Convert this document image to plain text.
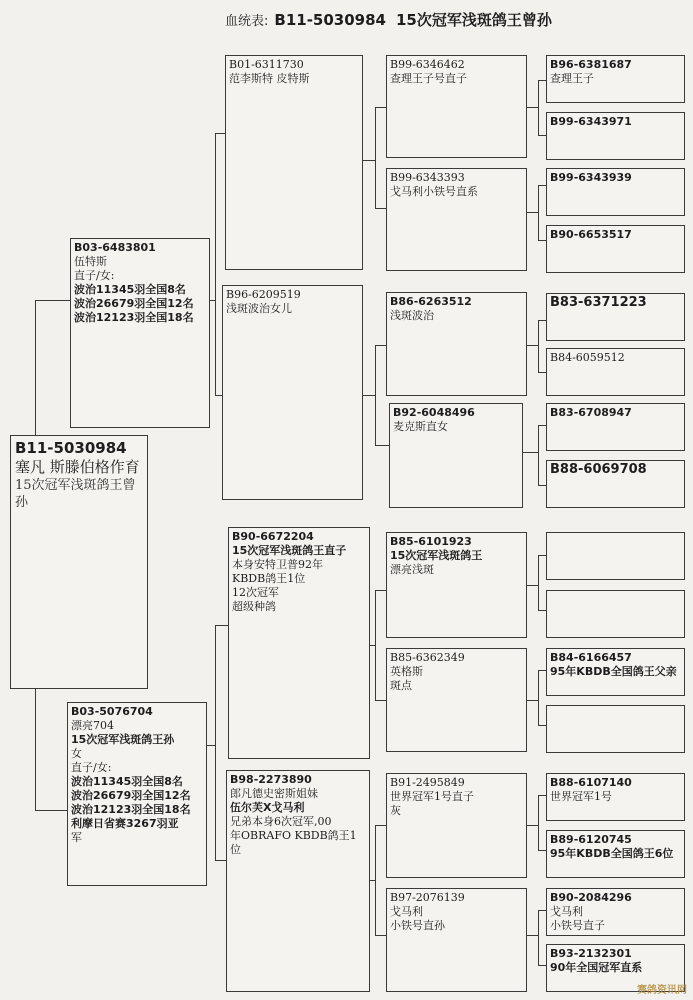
血统表: B11-5030984 15次冠军浅斑鸽王曾孙
B11-5030984
塞凡 斯滕伯格作育
15次冠军浅斑鸽王曾孙
B03-6483801
伍特斯
直子/女:
波治11345羽全国8名
波治26679羽全国12名
波治12123羽全国18名
B03-5076704
漂亮704
15次冠军浅斑鸽王孙
女
直子/女:
波治11345羽全国8名
波治26679羽全国12名
波治12123羽全国18名
利摩日省赛3267羽亚
军
B01-6311730
范李斯特 皮特斯
B96-6209519
浅斑波治女儿
B90-6672204
15次冠军浅斑鸽王直子
本身安特卫普92年
KBDB鸽王1位
12次冠军
超级种鸽
B98-2273890
郎凡德史密斯姐妹
伍尔芙X戈马利
兄弟本身6次冠军,00
年OBRAFO KBDB鸽王1
位
B99-6346462
查理王子号直子
B99-6343393
戈马利小铁号直系
B86-6263512
浅斑波治
B92-6048496
麦克斯直女
B85-6101923
15次冠军浅斑鸽王
漂亮浅斑
B85-6362349
英格斯
斑点
B91-2495849
世界冠军1号直子
灰
B97-2076139
戈马利
小铁号直孙
B96-6381687
查理王子
B99-6343971
B99-6343939
B90-6653517
B83-6371223
B84-6059512
B83-6708947
B88-6069708
B84-6166457
95年KBDB全国鸽王父亲
B88-6107140
世界冠军1号
B89-6120745
95年KBDB全国鸽王6位
B90-2084296
戈马利
小铁号直子
B93-2132301
90年全国冠军直系
赛鸽资讯网
